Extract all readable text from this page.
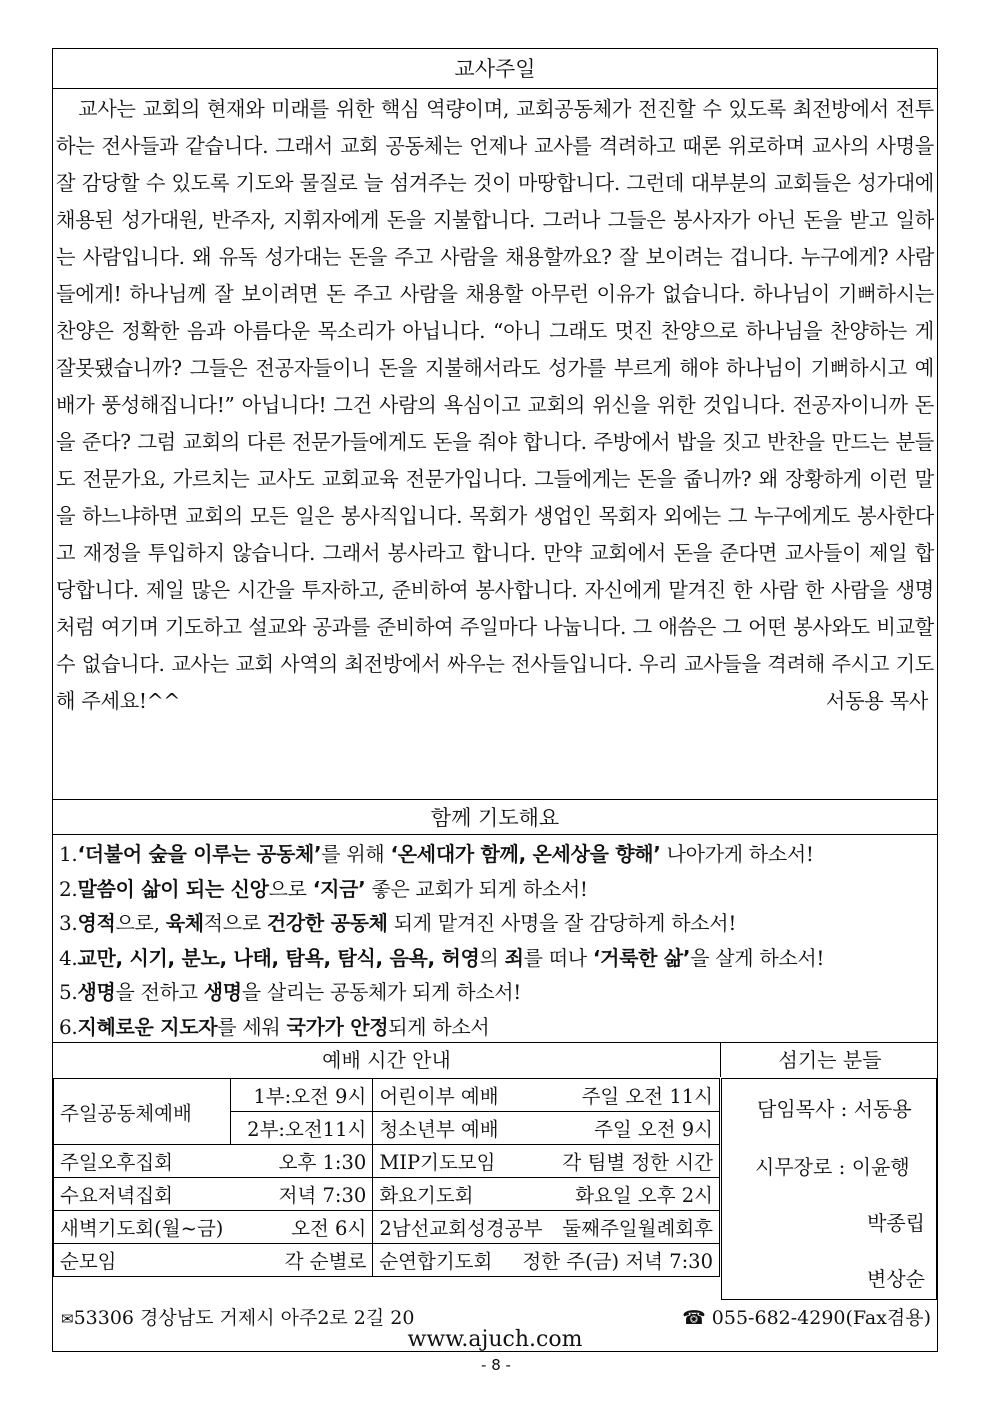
교사주일

교사는 교회의 현재와 미래를 위한 핵심 역량이며, 교회공동체가 전진할 수 있도록 최전방에서 전투하는 전사들과 같습니다. 그래서 교회 공동체는 언제나 교사를 격려하고 때론 위로하며 교사의 사명을 잘 감당할 수 있도록 기도와 물질로 늘 섬겨주는 것이 마땅합니다. 그런데 대부분의 교회들은 성가대에 채용된 성가대원, 반주자, 지휘자에게 돈을 지불합니다. 그러나 그들은 봉사자가 아닌 돈을 받고 일하는 사람입니다. 왜 유독 성가대는 돈을 주고 사람을 채용할까요? 잘 보이려는 겁니다. 누구에게? 사람들에게! 하나님께 잘 보이려면 돈 주고 사람을 채용할 아무런 이유가 없습니다. 하나님이 기뻐하시는 찬양은 정확한 음과 아름다운 목소리가 아닙니다. “아니 그래도 멋진 찬양으로 하나님을 찬양하는 게 잘못됐습니까? 그들은 전공자들이니 돈을 지불해서라도 성가를 부르게 해야 하나님이 기뻐하시고 예배가 풍성해집니다!” 아닙니다! 그건 사람의 욕심이고 교회의 위신을 위한 것입니다. 전공자이니까 돈을 준다? 그럼 교회의 다른 전문가들에게도 돈을 줘야 합니다. 주방에서 밥을 짓고 반찬을 만드는 분들도 전문가요, 가르치는 교사도 교회교육 전문가입니다. 그들에게는 돈을 줍니까? 왜 장황하게 이런 말을 하느냐하면 교회의 모든 일은 봉사직입니다. 목회가 생업인 목회자 외에는 그 누구에게도 봉사한다고 재정을 투입하지 않습니다. 그래서 봉사라고 합니다. 만약 교회에서 돈을 준다면 교사들이 제일 합당합니다. 제일 많은 시간을 투자하고, 준비하여 봉사합니다. 자신에게 맡겨진 한 사람 한 사람을 생명처럼 여기며 기도하고 설교와 공과를 준비하여 주일마다 나눕니다. 그 애씀은 그 어떤 봉사와도 비교할 수 없습니다. 교사는 교회 사역의 최전방에서 싸우는 전사들입니다. 우리 교사들을 격려해 주시고 기도해 주세요!^^	서동용 목사

함께 기도해요
1.‘더불어 숲을 이루는 공동체’를 위해 ‘온세대가 함께, 온세상을 향해’ 나아가게 하소서!
2.말씀이 삶이 되는 신앙으로 ‘지금’ 좋은 교회가 되게 하소서!
3.영적으로, 육체적으로 건강한 공동체 되게 맡겨진 사명을 잘 감당하게 하소서!
4.교만, 시기, 분노, 나태, 탐욕, 탐식, 음욕, 허영의 죄를 떠나 ‘거룩한 삶’을 살게 하소서!
5.생명을 전하고 생명을 살리는 공동체가 되게 하소서!
6.지혜로운 지도자를 세워 국가가 안정되게 하소서
예배 시간 안내	섬기는 분들
주일공동체예배	1부:오전 9시	어린이부 예배 주일 오전 11시

	2부:오전11시	청소년부 예배 주일 오전 9시

주일오후집회 오후 1:30		MIP기도모임 각 팀별 정한 시간

수요저녁집회 저녁 7:30		화요기도회 화요일 오후 2시

새벽기도회(월~금) 오전 6시		2남선교회성경공부 둘째주일월례회후

순모임 각 순별로		순연합기도회 정한 주(금) 저녁 7:30
담임목사 : 서동용
시무장로 : 이윤행
박종립
변상순
✉53306 경상남도 거제시 아주2로 2길 20	☎ 055-682-4290(Fax겸용)
www.ajuch.com
- 8 -
